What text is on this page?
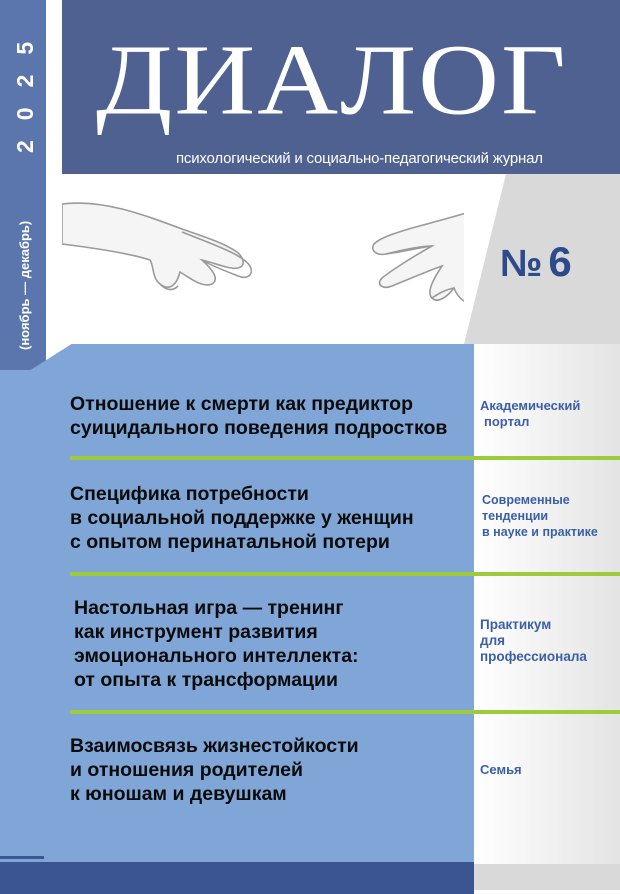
№ 6
2025
(ноябрь — декабрь)
ДИАЛОГ
психологический и социально-педагогический журнал
Отношение к смерти как предиктор
суицидального поведения подростков
Академический
портал
Специфика потребности
в социальной поддержке у женщин
с опытом перинатальной потери
Современные
тенденции
в науке и практике
Настольная игра — тренинг
как инструмент развития
эмоционального интеллекта:
от опыта к трансформации
Практикум
для
профессионала
Взаимосвязь жизнестойкости
и отношения родителей
к юношам и девушкам
Семья
